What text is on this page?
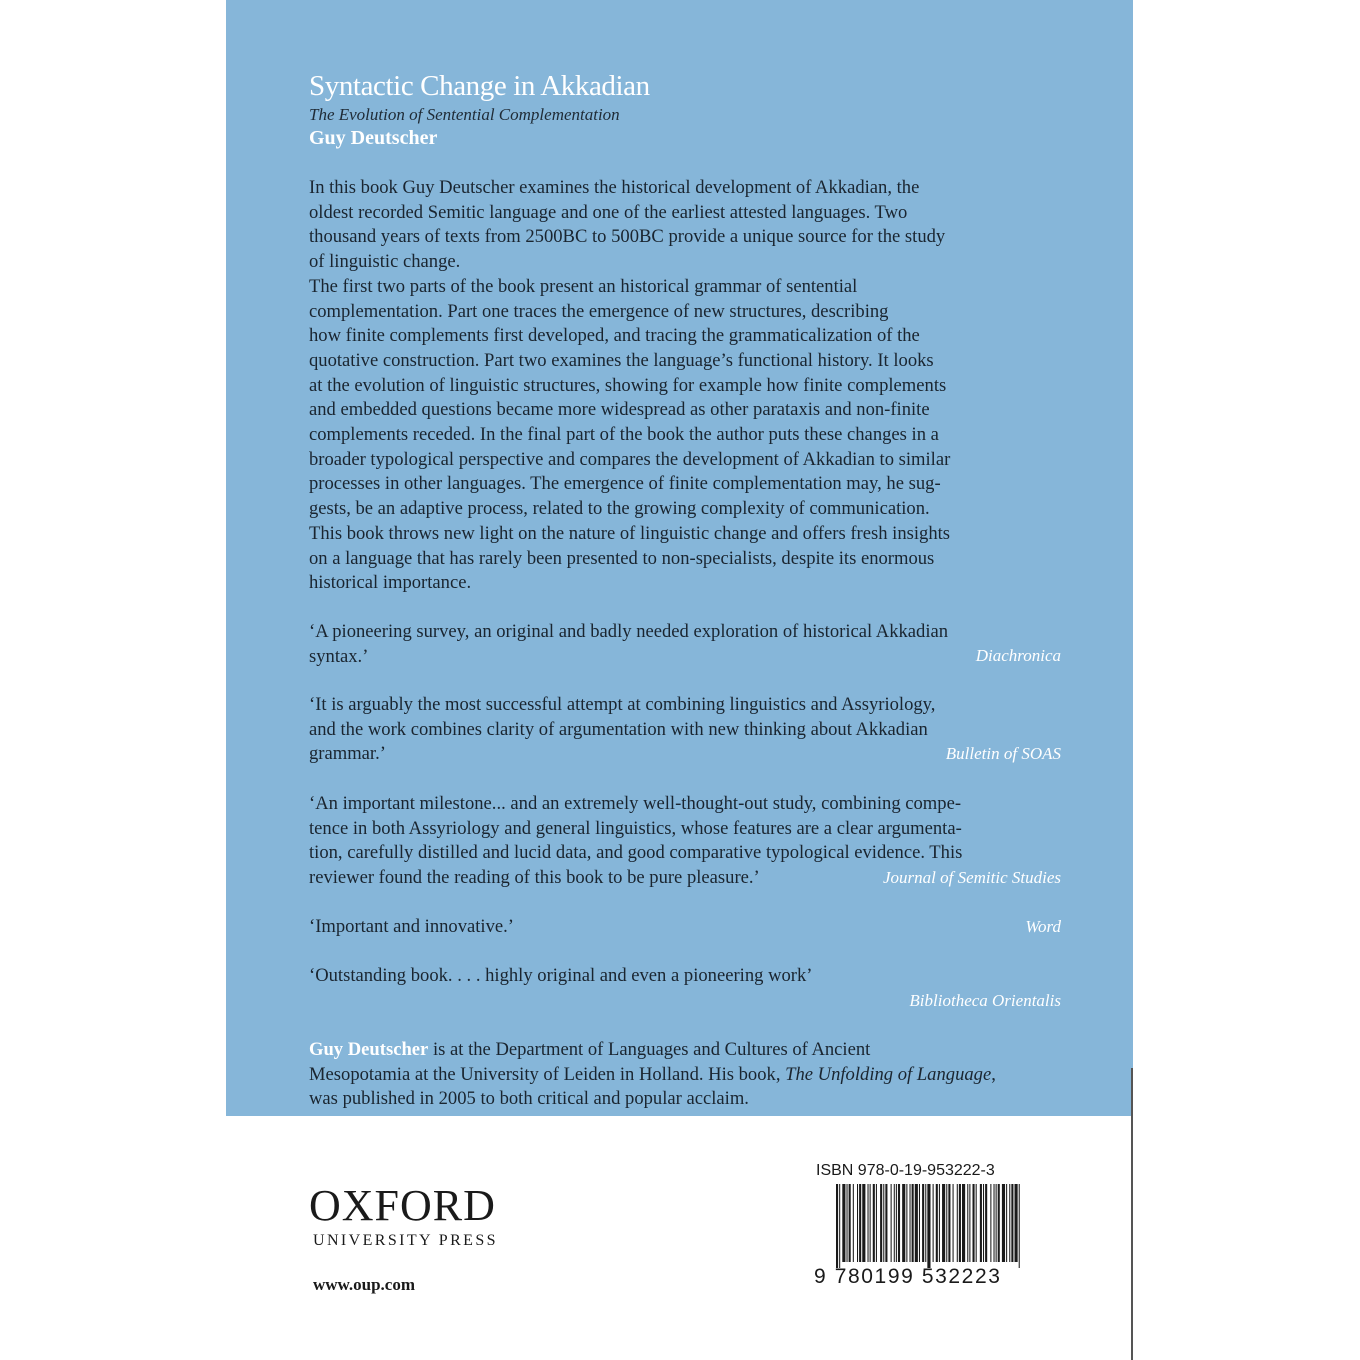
Syntactic Change in Akkadian
The Evolution of Sentential Complementation
Guy Deutscher
In this book Guy Deutscher examines the historical development of Akkadian, the
oldest recorded Semitic language and one of the earliest attested languages. Two
thousand years of texts from 2500BC to 500BC provide a unique source for the study
of linguistic change.
The first two parts of the book present an historical grammar of sentential
complementation. Part one traces the emergence of new structures, describing
how finite complements first developed, and tracing the grammaticalization of the
quotative construction. Part two examines the language’s functional history. It looks
at the evolution of linguistic structures, showing for example how finite complements
and embedded questions became more widespread as other parataxis and non-finite
complements receded. In the final part of the book the author puts these changes in a
broader typological perspective and compares the development of Akkadian to similar
processes in other languages. The emergence of finite complementation may, he sug-
gests, be an adaptive process, related to the growing complexity of communication.
This book throws new light on the nature of linguistic change and offers fresh insights
on a language that has rarely been presented to non-specialists, despite its enormous
historical importance.
‘A pioneering survey, an original and badly needed exploration of historical Akkadian
syntax.’	Diachronica
‘It is arguably the most successful attempt at combining linguistics and Assyriology,
and the work combines clarity of argumentation with new thinking about Akkadian
grammar.’	Bulletin of SOAS
‘An important milestone... and an extremely well-thought-out study, combining compe-
tence in both Assyriology and general linguistics, whose features are a clear argumenta-
tion, carefully distilled and lucid data, and good comparative typological evidence. This
reviewer found the reading of this book to be pure pleasure.’	Journal of Semitic Studies
‘Important and innovative.’	Word
‘Outstanding book. . . . highly original and even a pioneering work’
Bibliotheca Orientalis
Guy Deutscher is at the Department of Languages and Cultures of Ancient
Mesopotamia at the University of Leiden in Holland. His book, The Unfolding of Language,
was published in 2005 to both critical and popular acclaim.
OXFORD
UNIVERSITY PRESS
www.oup.com
ISBN 978-0-19-953222-3
9 780199 532223
